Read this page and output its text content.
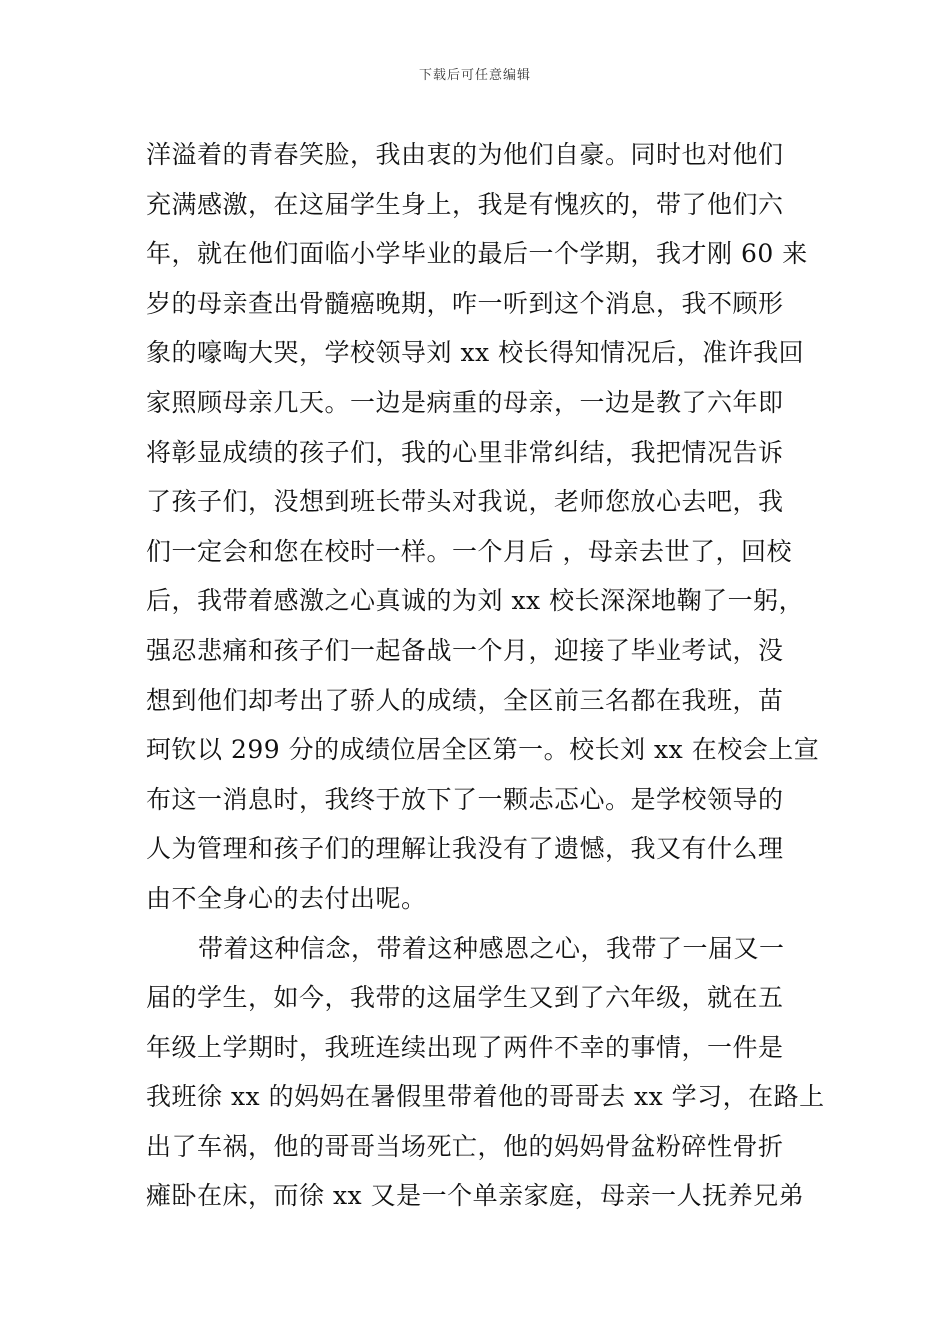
下载后可任意编辑
洋溢着的青春笑脸，我由衷的为他们自豪。同时也对他们
充满感激，在这届学生身上，我是有愧疚的，带了他们六
年，就在他们面临小学毕业的最后一个学期，我才刚 60 来
岁的母亲查出骨髓癌晚期，咋一听到这个消息，我不顾形
象的嚎啕大哭，学校领导刘 xx 校长得知情况后，准许我回
家照顾母亲几天。一边是病重的母亲，一边是教了六年即
将彰显成绩的孩子们，我的心里非常纠结，我把情况告诉
了孩子们，没想到班长带头对我说，老师您放心去吧，我
们一定会和您在校时一样。一个月后 ，母亲去世了，回校
后，我带着感激之心真诚的为刘 xx 校长深深地鞠了一躬，
强忍悲痛和孩子们一起备战一个月，迎接了毕业考试，没
想到他们却考出了骄人的成绩，全区前三名都在我班，苗
珂钦以 299 分的成绩位居全区第一。校长刘 xx 在校会上宣
布这一消息时，我终于放下了一颗忐忑心。是学校领导的
人为管理和孩子们的理解让我没有了遗憾，我又有什么理
由不全身心的去付出呢。
带着这种信念，带着这种感恩之心，我带了一届又一
届的学生，如今，我带的这届学生又到了六年级，就在五
年级上学期时，我班连续出现了两件不幸的事情，一件是
我班徐 xx 的妈妈在暑假里带着他的哥哥去 xx 学习，在路上
出了车祸，他的哥哥当场死亡，他的妈妈骨盆粉碎性骨折
瘫卧在床，而徐 xx 又是一个单亲家庭，母亲一人抚养兄弟
